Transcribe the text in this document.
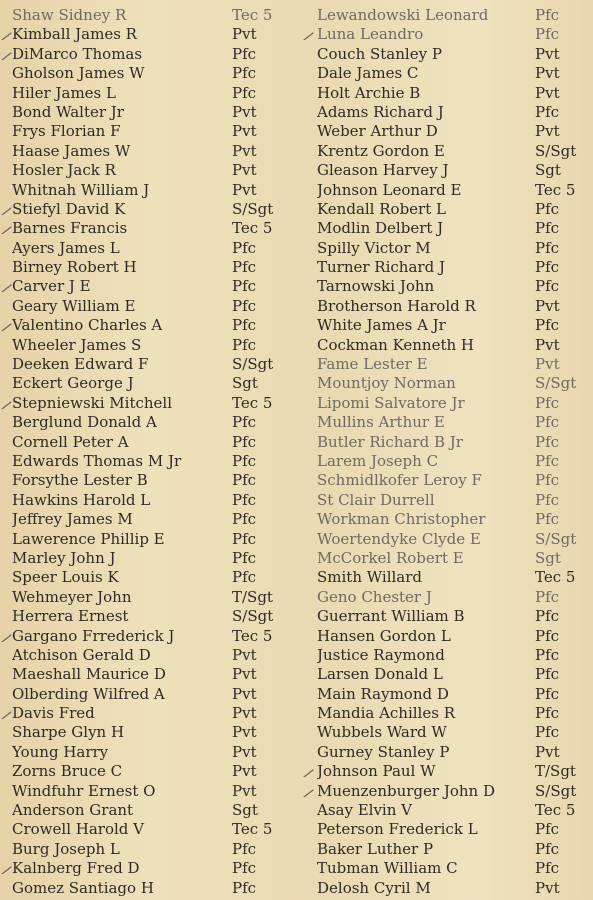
Shaw Sidney R	Tec 5
Kimball James R	Pvt
DiMarco Thomas	Pfc
Gholson James W	Pfc
Hiler James L	Pfc
Bond Walter Jr	Pvt
Frys Florian F	Pvt
Haase James W	Pvt
Hosler Jack R	Pvt
Whitnah William J	Pvt
Stiefyl David K	S/Sgt
Barnes Francis	Tec 5
Ayers James L	Pfc
Birney Robert H	Pfc
Carver J E	Pfc
Geary William E	Pfc
Valentino Charles A	Pfc
Wheeler James S	Pfc
Deeken Edward F	S/Sgt
Eckert George J	Sgt
Stepniewski Mitchell	Tec 5
Berglund Donald A	Pfc
Cornell Peter A	Pfc
Edwards Thomas M Jr	Pfc
Forsythe Lester B	Pfc
Hawkins Harold L	Pfc
Jeffrey James M	Pfc
Lawerence Phillip E	Pfc
Marley John J	Pfc
Speer Louis K	Pfc
Wehmeyer John	T/Sgt
Herrera Ernest	S/Sgt
Gargano Frrederick J	Tec 5
Atchison Gerald D	Pvt
Maeshall Maurice D	Pvt
Olberding Wilfred A	Pvt
Davis Fred	Pvt
Sharpe Glyn H	Pvt
Young Harry	Pvt
Zorns Bruce C	Pvt
Windfuhr Ernest O	Pvt
Anderson Grant	Sgt
Crowell Harold V	Tec 5
Burg Joseph L	Pfc
Kalnberg Fred D	Pfc
Gomez Santiago H	Pfc
Lewandowski Leonard	Pfc
Luna Leandro	Pfc
Couch Stanley P	Pvt
Dale James C	Pvt
Holt Archie B	Pvt
Adams Richard J	Pfc
Weber Arthur D	Pvt
Krentz Gordon E	S/Sgt
Gleason Harvey J	Sgt
Johnson Leonard E	Tec 5
Kendall Robert L	Pfc
Modlin Delbert J	Pfc
Spilly Victor M	Pfc
Turner Richard J	Pfc
Tarnowski John	Pfc
Brotherson Harold R	Pvt
White James A Jr	Pfc
Cockman Kenneth H	Pvt
Fame Lester E	Pvt
Mountjoy Norman	S/Sgt
Lipomi Salvatore Jr	Pfc
Mullins Arthur E	Pfc
Butler Richard B Jr	Pfc
Larem Joseph C	Pfc
Schmidlkofer Leroy F	Pfc
St Clair Durrell	Pfc
Workman Christopher	Pfc
Woertendyke Clyde E	S/Sgt
McCorkel Robert E	Sgt
Smith Willard	Tec 5
Geno Chester J	Pfc
Guerrant William B	Pfc
Hansen Gordon L	Pfc
Justice Raymond	Pfc
Larsen Donald L	Pfc
Main Raymond D	Pfc
Mandia Achilles R	Pfc
Wubbels Ward W	Pfc
Gurney Stanley P	Pvt
Johnson Paul W	T/Sgt
Muenzenburger John D	S/Sgt
Asay Elvin V	Tec 5
Peterson Frederick L	Pfc
Baker Luther P	Pfc
Tubman William C	Pfc
Delosh Cyril M	Pvt
